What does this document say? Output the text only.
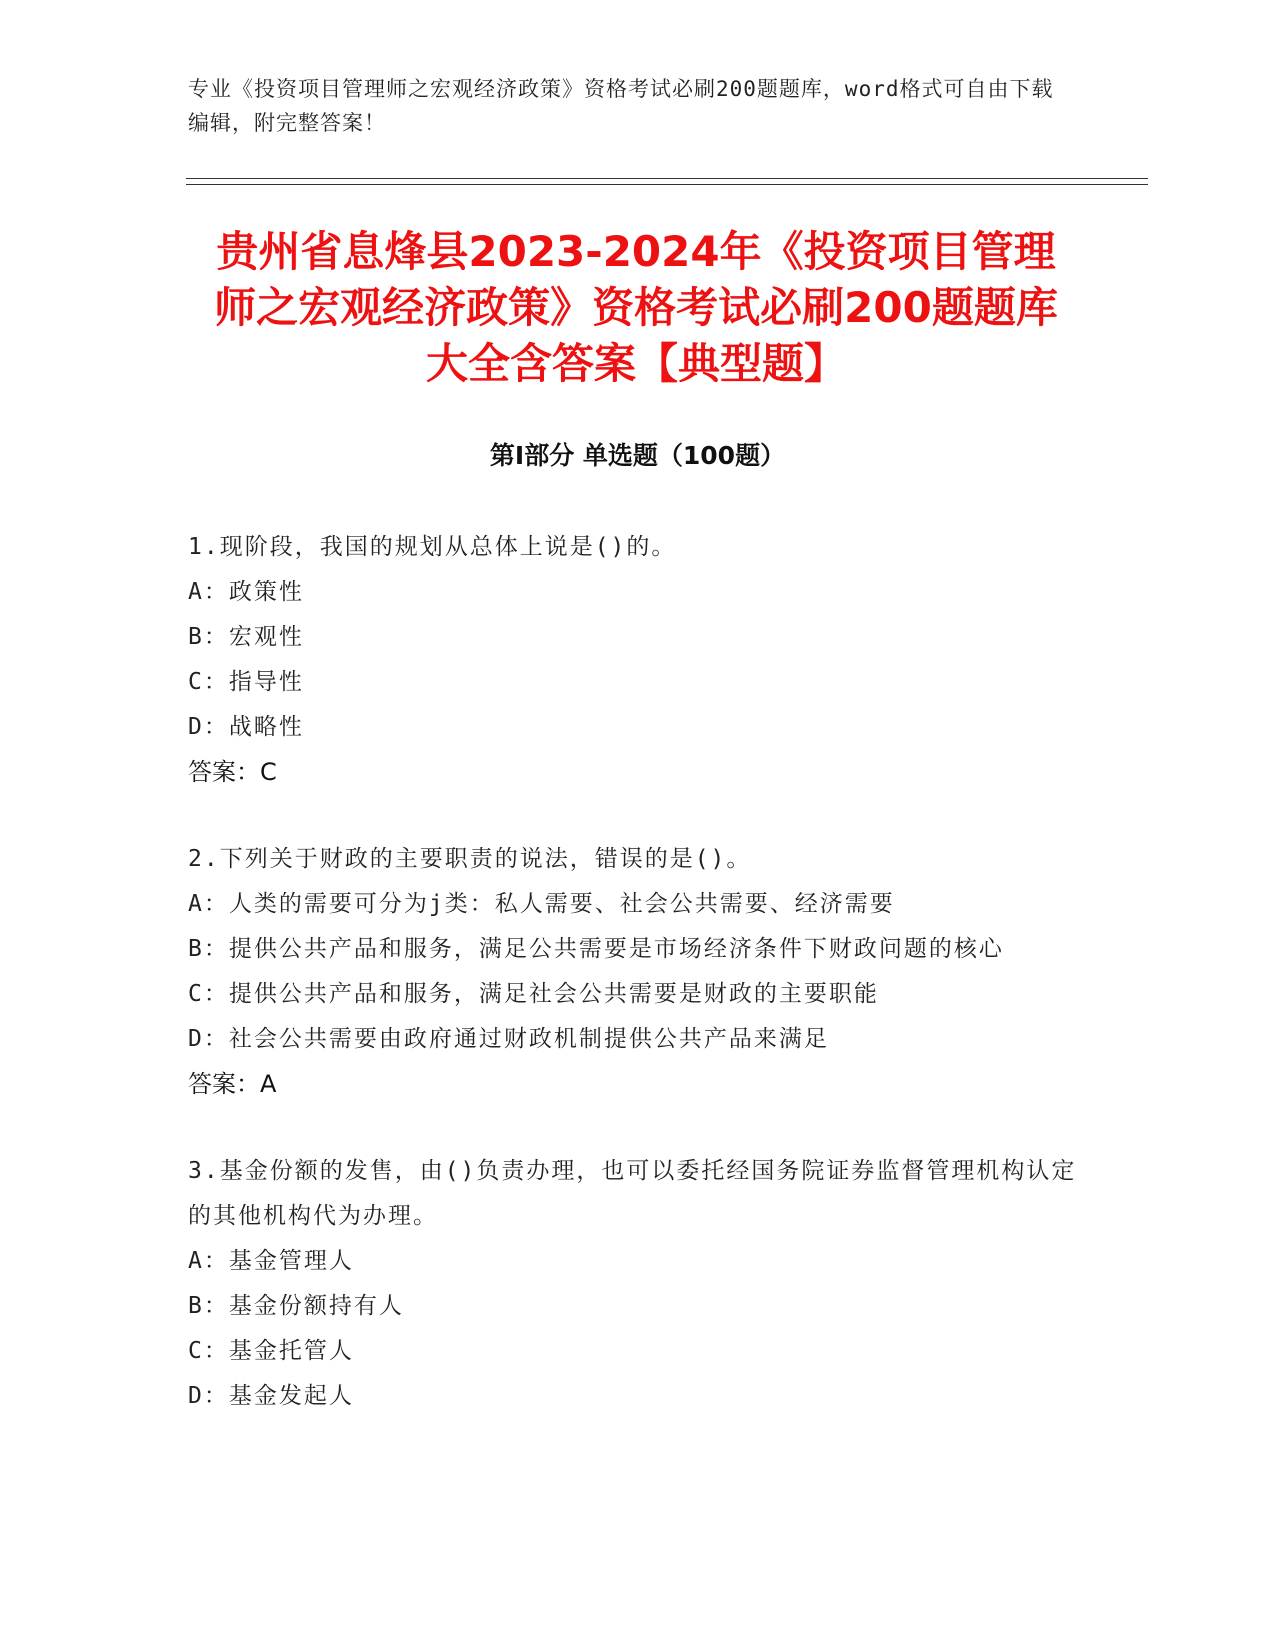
专业《投资项目管理师之宏观经济政策》资格考试必刷200题题库，word格式可自由下载编辑，附完整答案！
贵州省息烽县2023-2024年《投资项目管理师之宏观经济政策》资格考试必刷200题题库大全含答案【典型题】
第Ⅰ部分 单选题（100题）
1.现阶段，我国的规划从总体上说是()的。
A：政策性
B：宏观性
C：指导性
D：战略性
答案：C
2.下列关于财政的主要职责的说法，错误的是()。
A：人类的需要可分为j类：私人需要、社会公共需要、经济需要
B：提供公共产品和服务，满足公共需要是市场经济条件下财政问题的核心
C：提供公共产品和服务，满足社会公共需要是财政的主要职能
D：社会公共需要由政府通过财政机制提供公共产品来满足
答案：A
3.基金份额的发售，由()负责办理，也可以委托经国务院证券监督管理机构认定的其他机构代为办理。
A：基金管理人
B：基金份额持有人
C：基金托管人
D：基金发起人
